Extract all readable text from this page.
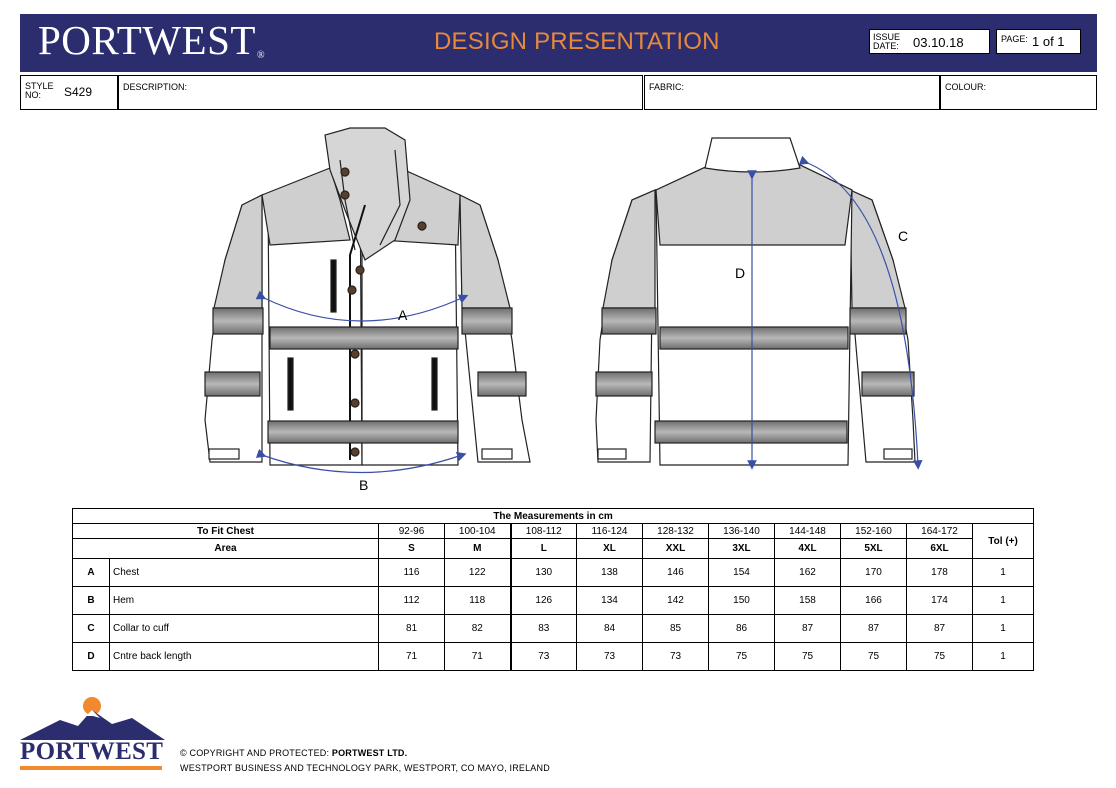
PORTWEST®
DESIGN PRESENTATION	ISSUE DATE:	03.10.18	PAGE: 1 of 1
STYLE NO:	S429	DESCRIPTION:	FABRIC:	COLOUR:
A
B
D
C
The Measurements in cm											
To Fit Chest		92-96	100-104	108-112	116-124	128-132	136-140	144-148	152-160	164-172	Tol (+)
Area		S	M	L	XL	XXL	3XL	4XL	5XL	6XL	
A	Chest	116	122	130	138	146	154	162	170	178	1
B	Hem	112	118	126	134	142	150	158	166	174	1
C	Collar to cuff	81	82	83	84	85	86	87	87	87	1
D	Cntre back length	71	71	73	73	73	75	75	75	75	1
PORTWEST © COPYRIGHT AND PROTECTED: PORTWEST LTD.
WESTPORT BUSINESS AND TECHNOLOGY PARK, WESTPORT, CO MAYO, IRELAND
